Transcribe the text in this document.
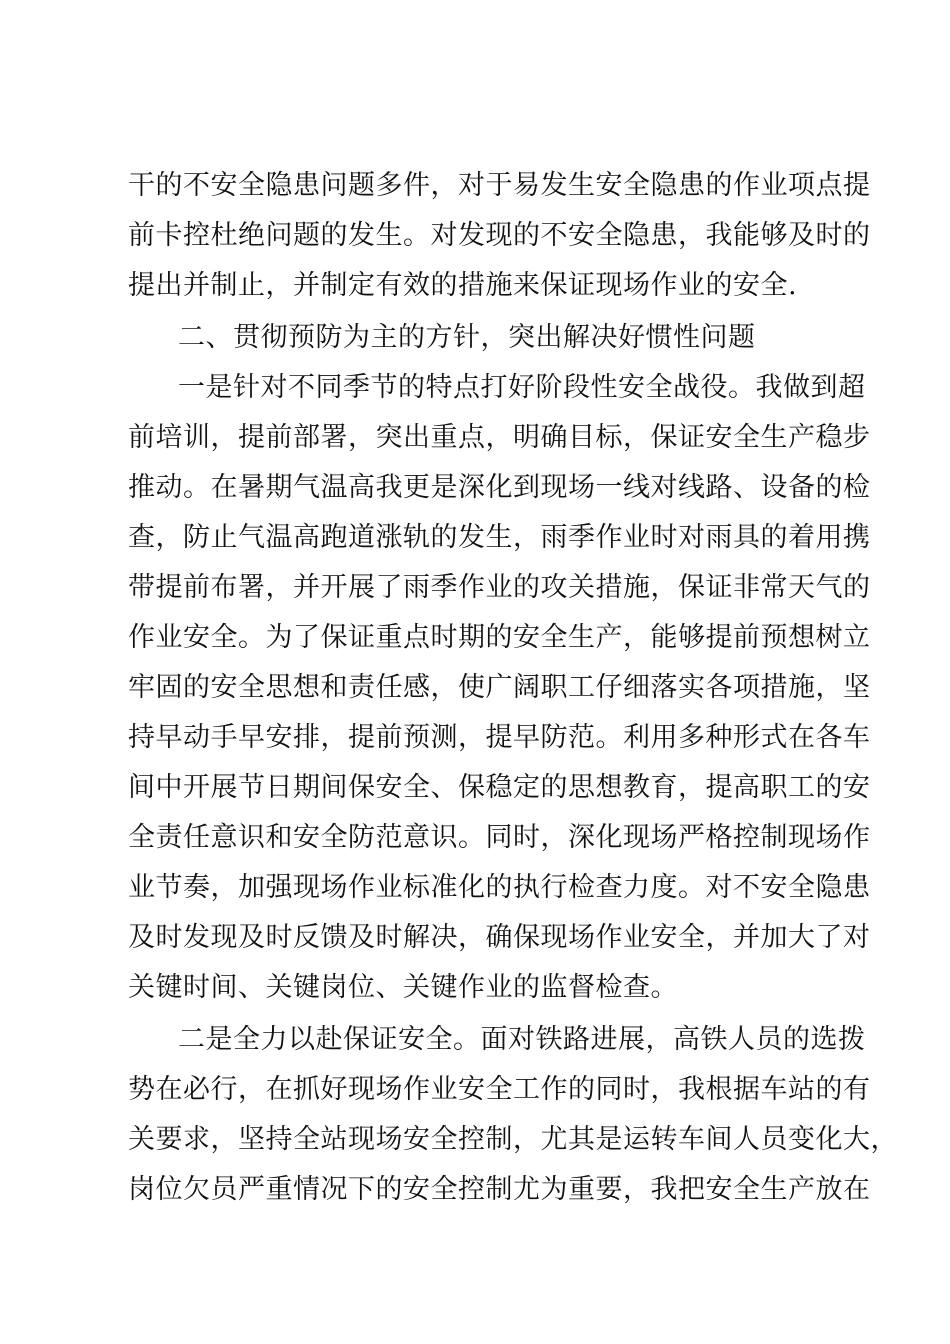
干的不安全隐患问题多件，对于易发生安全隐患的作业项点提
前卡控杜绝问题的发生。对发现的不安全隐患，我能够及时的
提出并制止，并制定有效的措施来保证现场作业的安全.
二、贯彻预防为主的方针，突出解决好惯性问题
一是针对不同季节的特点打好阶段性安全战役。我做到超
前培训，提前部署，突出重点，明确目标，保证安全生产稳步
推动。在暑期气温高我更是深化到现场一线对线路、设备的检
查，防止气温高跑道涨轨的发生，雨季作业时对雨具的着用携
带提前布署，并开展了雨季作业的攻关措施，保证非常天气的
作业安全。为了保证重点时期的安全生产，能够提前预想树立
牢固的安全思想和责任感，使广阔职工仔细落实各项措施，坚
持早动手早安排，提前预测，提早防范。利用多种形式在各车
间中开展节日期间保安全、保稳定的思想教育，提高职工的安
全责任意识和安全防范意识。同时，深化现场严格控制现场作
业节奏，加强现场作业标准化的执行检查力度。对不安全隐患
及时发现及时反馈及时解决，确保现场作业安全，并加大了对
关键时间、关键岗位、关键作业的监督检查。
二是全力以赴保证安全。面对铁路进展，高铁人员的选拨
势在必行，在抓好现场作业安全工作的同时，我根据车站的有
关要求，坚持全站现场安全控制，尤其是运转车间人员变化大，
岗位欠员严重情况下的安全控制尤为重要，我把安全生产放在
